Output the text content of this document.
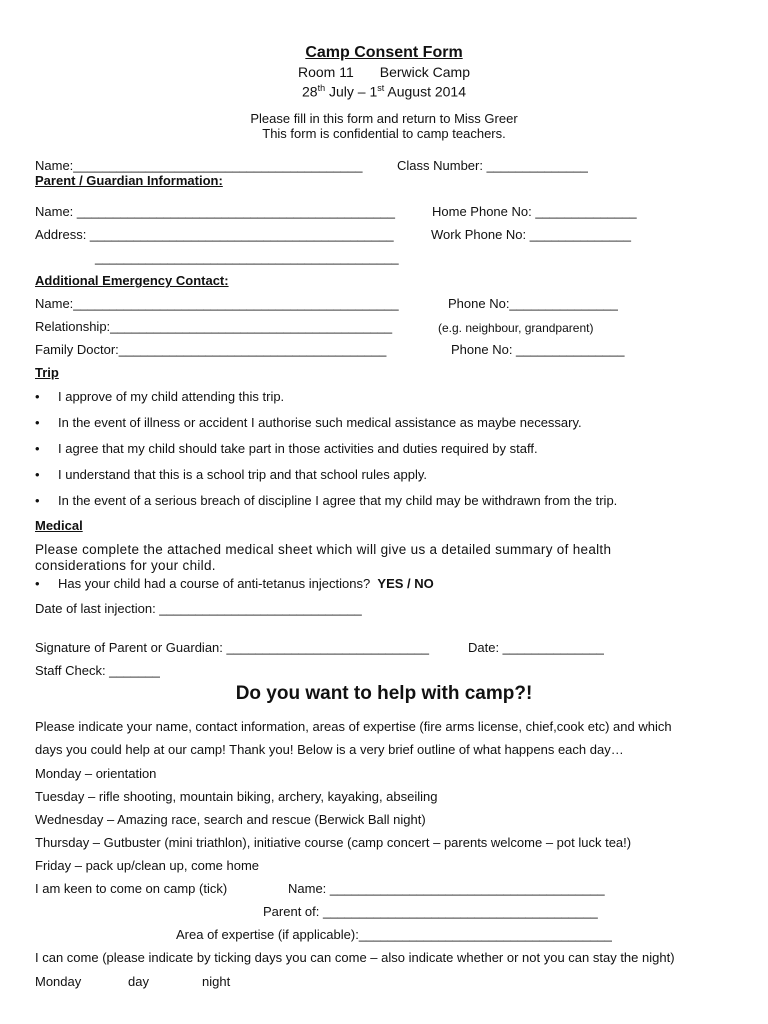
Camp Consent Form
Room 11 Berwick Camp
28th July – 1st August 2014
Please fill in this form and return to Miss Greer
This form is confidential to camp teachers.
Name:________________________________________	Class Number: ______________
Parent / Guardian Information:
Name: ____________________________________________	Home Phone No: ______________
Address: __________________________________________	Work Phone No: ______________
__________________________________________
Additional Emergency Contact:
Name:_____________________________________________	Phone No:_______________
Relationship:_______________________________________	(e.g. neighbour, grandparent)
Family Doctor:_____________________________________	Phone No: _______________
Trip
• I approve of my child attending this trip.
• In the event of illness or accident I authorise such medical assistance as maybe necessary.
• I agree that my child should take part in those activities and duties required by staff.
• I understand that this is a school trip and that school rules apply.
• In the event of a serious breach of discipline I agree that my child may be withdrawn from the trip.
Medical
Please complete the attached medical sheet which will give us a detailed summary of health
considerations for your child.
• Has your child had a course of anti-tetanus injections? YES / NO
Date of last injection: ____________________________
Signature of Parent or Guardian: ____________________________	Date: ______________
Staff Check: _______
Do you want to help with camp?!
Please indicate your name, contact information, areas of expertise (fire arms license, chief,cook etc) and which
days you could help at our camp! Thank you! Below is a very brief outline of what happens each day…
Monday – orientation
Tuesday – rifle shooting, mountain biking, archery, kayaking, abseiling
Wednesday – Amazing race, search and rescue (Berwick Ball night)
Thursday – Gutbuster (mini triathlon), initiative course (camp concert – parents welcome – pot luck tea!)
Friday – pack up/clean up, come home
I am keen to come on camp (tick)	Name: ______________________________________
Parent of: ______________________________________
Area of expertise (if applicable):___________________________________
I can come (please indicate by ticking days you can come – also indicate whether or not you can stay the night)
Monday	day	night
